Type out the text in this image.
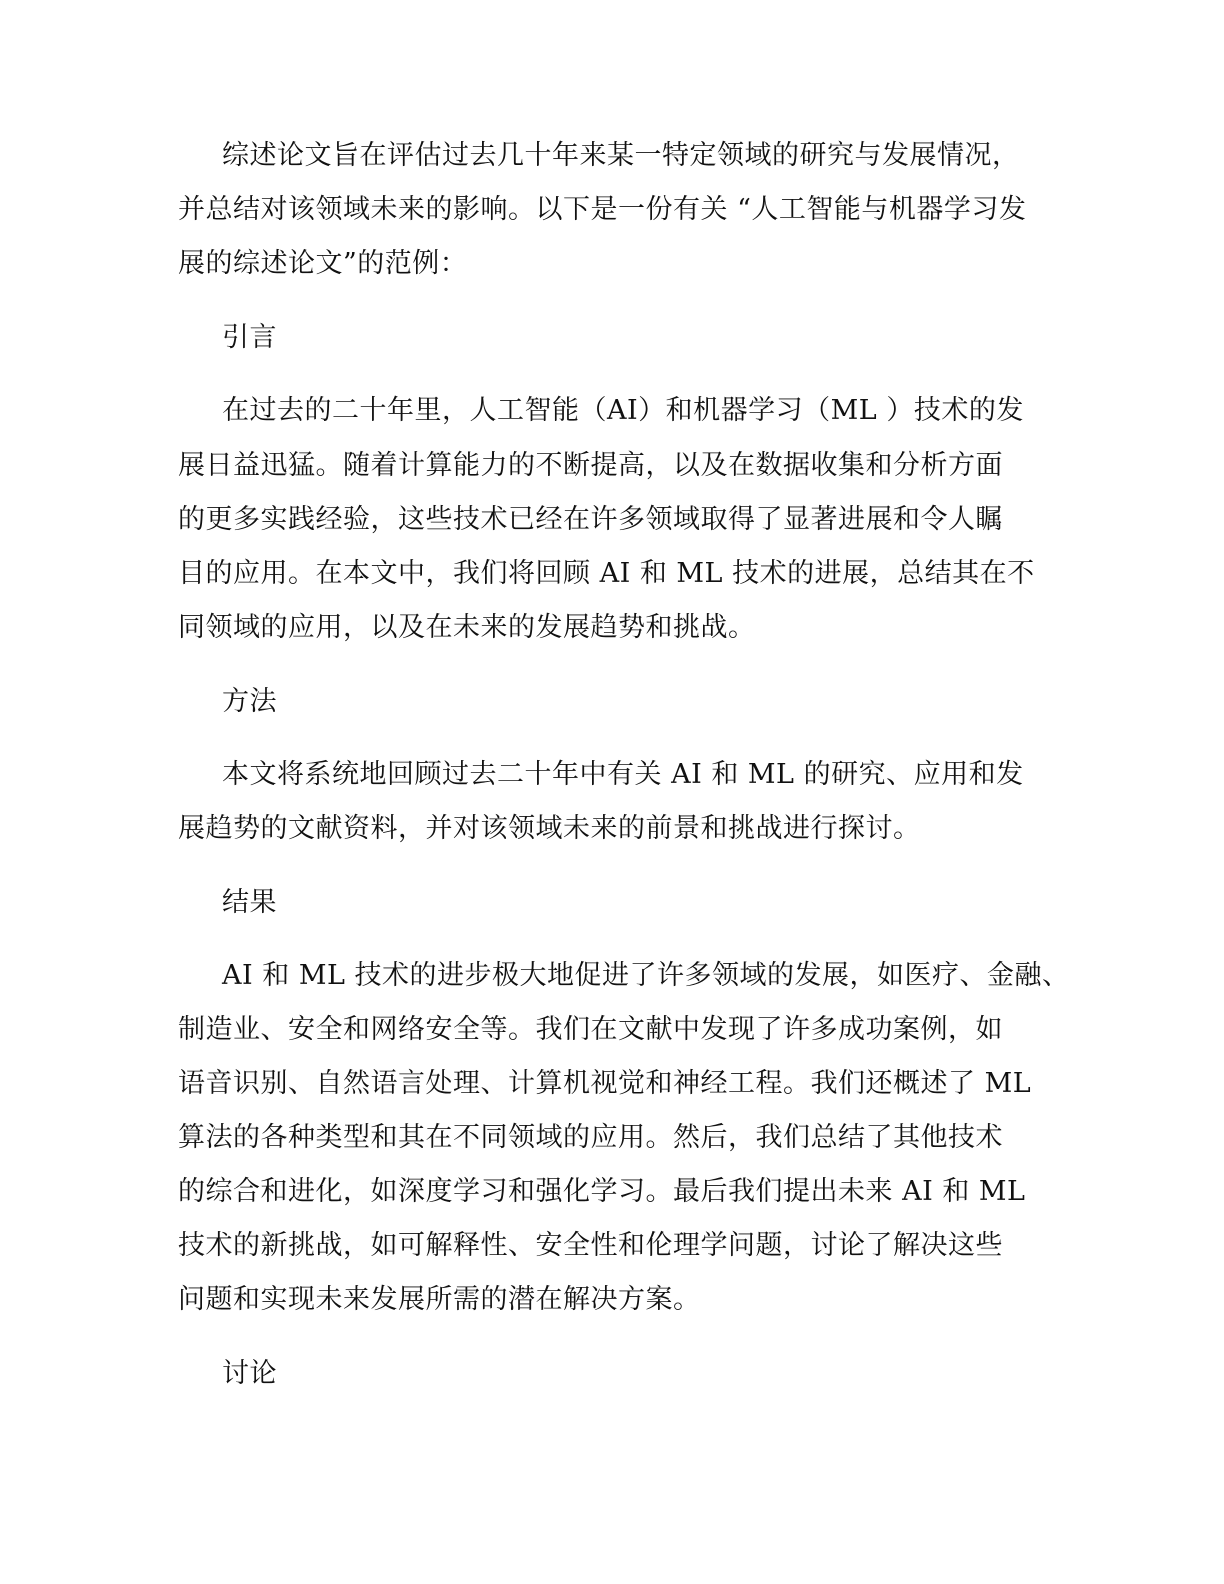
综述论文旨在评估过去几十年来某一特定领域的研究与发展情况，
并总结对该领域未来的影响。以下是一份有关 “人工智能与机器学习发
展的综述论文”的范例：
引言
在过去的二十年里，人工智能（AI）和机器学习（ML ）技术的发
展日益迅猛。随着计算能力的不断提高，以及在数据收集和分析方面
的更多实践经验，这些技术已经在许多领域取得了显著进展和令人瞩
目的应用。在本文中，我们将回顾 AI 和 ML 技术的进展，总结其在不
同领域的应用，以及在未来的发展趋势和挑战。
方法
本文将系统地回顾过去二十年中有关 AI 和 ML 的研究、应用和发
展趋势的文献资料，并对该领域未来的前景和挑战进行探讨。
结果
AI 和 ML 技术的进步极大地促进了许多领域的发展，如医疗、金融、
制造业、安全和网络安全等。我们在文献中发现了许多成功案例，如
语音识别、自然语言处理、计算机视觉和神经工程。我们还概述了 ML
算法的各种类型和其在不同领域的应用。然后，我们总结了其他技术
的综合和进化，如深度学习和强化学习。最后我们提出未来 AI 和 ML
技术的新挑战，如可解释性、安全性和伦理学问题，讨论了解决这些
问题和实现未来发展所需的潜在解决方案。
讨论
